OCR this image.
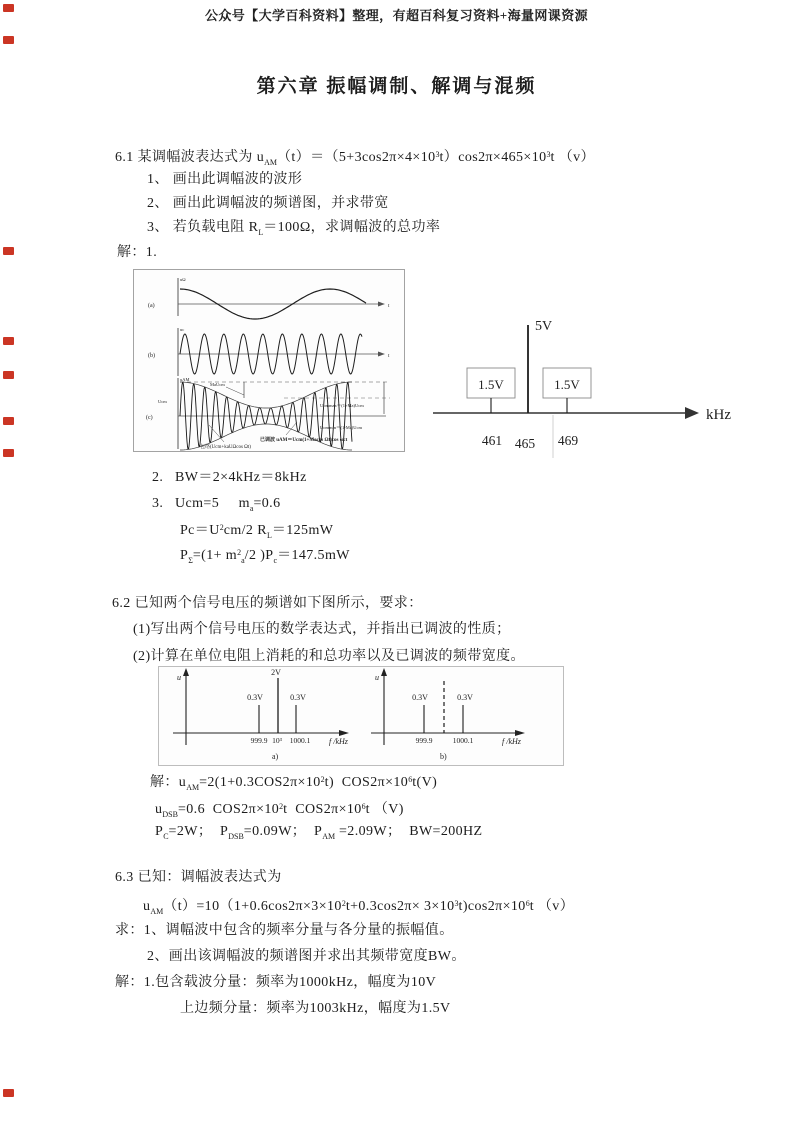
公众号【大学百科资料】整理，有超百科复习资料+海量网课资源
第六章 振幅调制、解调与混频
6.1 某调幅波表达式为 $u_{AM}(t)=(5+3\cos 2\pi\times 4\times 10^3t)\cos 2\pi\times 465\times 10^3t$ （v）
1、 画出此调幅波的波形
2、 画出此调幅波的频谱图，并求带宽
3、 若负载电阻 $R_L=100\Omega$，求调幅波的总功率
解：1.
(a)
uΩ
t
(b)
uc
t
(c)
uAM
Ucm
MaUcm
Uommax＝(1+Ma)Ucm
Uommin＝(1-Ma)Ucm
包络(Ucm+kaUΩcos Ωt)
已调波 uAM＝Ucm(1+Macos Ωt)cos ωct
kHz
5V
1.5V	1.5V
461 465 469
2.   BW＝2×4kHz＝8kHz
3.   Ucm=5     $m_a=0.6$
$Pc=U^2cm/2$ $R_L=125mW$
$P_\Sigma=(1+ m^2_a/2$ )$P_c=147.5mW$
6.2 已知两个信号电压的频谱如下图所示，要求：
(1)写出两个信号电压的数学表达式，并指出已调波的性质；
(2)计算在单位电阻上消耗的和总功率以及已调波的频带宽度。
u
0.3V
2V
0.3V
999.9 10³ 1000.1 f /kHz
a)
u
0.3V	0.3V
999.9	1000.1	f /kHz
b)
解：$u_{AM}=2(1+0.3COS2\pi\times 10^2t)$  $COS2\pi\times 10^6t(V)$
$u_{DSB}=0.6$  $COS2\pi\times 10^2t$  $COS2\pi\times 10^6t$ （V)
$P_C=2W$；  $P_{DSB}=0.09W$；  $P_{AM} =2.09W$；  BW=200HZ
6.3 已知：调幅波表达式为
$u_{AM}(t)=10(1+0.6\cos 2\pi\times 3\times 10^2t+0.3\cos 2\pi\times 3\times 10^3t)\cos 2\pi\times 10^6t$ （v）
求：1、调幅波中包含的频率分量与各分量的振幅值。
2、画出该调幅波的频谱图并求出其频带宽度BW。
解：1.包含载波分量：频率为1000kHz，幅度为10V
上边频分量：频率为1003kHz，幅度为1.5V
